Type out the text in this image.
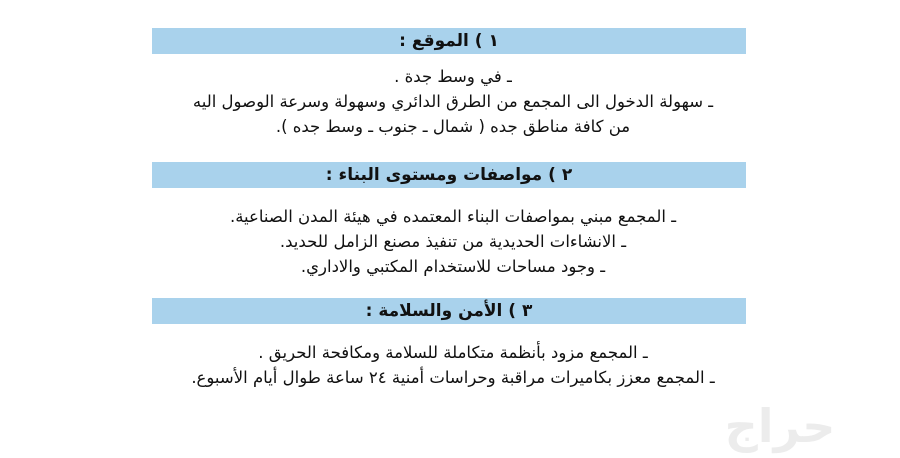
١ ) الموقع :
ـ في وسط جدة .
ـ سهولة الدخول الى المجمع من الطرق الدائري وسهولة وسرعة الوصول اليه
من كافة مناطق جده ( شمال ـ جنوب ـ وسط جده ).
٢ ) مواصفات ومستوى البناء :
ـ المجمع مبني بمواصفات البناء المعتمده في هيئة المدن الصناعية.
ـ الانشاءات الحديدية من تنفيذ مصنع الزامل للحديد.
ـ وجود مساحات للاستخدام المكتبي والاداري.
٣ ) الأمن والسلامة :
ـ المجمع مزود بأنظمة متكاملة للسلامة ومكافحة الحريق .
ـ المجمع معزز بكاميرات مراقبة وحراسات أمنية ٢٤ ساعة طوال أيام الأسبوع.
حراج
